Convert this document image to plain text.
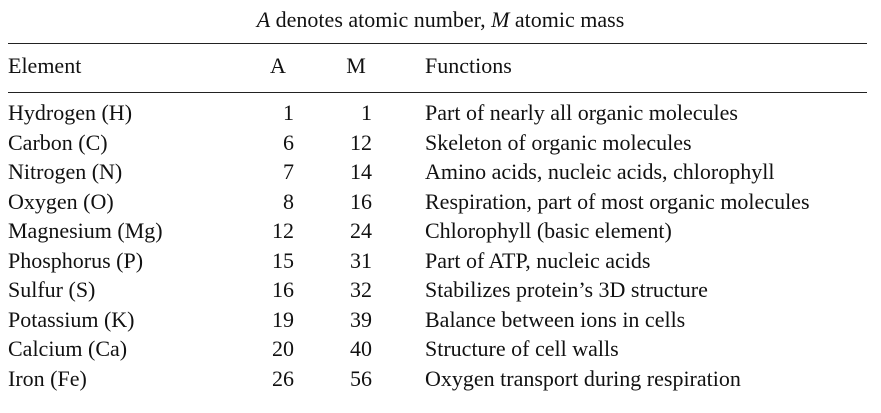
A denotes atomic number, M atomic mass
Element	A	M	Functions
Hydrogen (H)	1	1 Part of nearly all organic molecules
Carbon (C)	6	12 Skeleton of organic molecules
Nitrogen (N)	7	14 Amino acids, nucleic acids, chlorophyll
Oxygen (O)	8	16 Respiration, part of most organic molecules
Magnesium (Mg)	12	24 Chlorophyll (basic element)
Phosphorus (P)	15	31 Part of ATP, nucleic acids
Sulfur (S)	16	32 Stabilizes protein’s 3D structure
Potassium (K)	19	39 Balance between ions in cells
Calcium (Ca)	20	40 Structure of cell walls
Iron (Fe)	26	56 Oxygen transport during respiration
